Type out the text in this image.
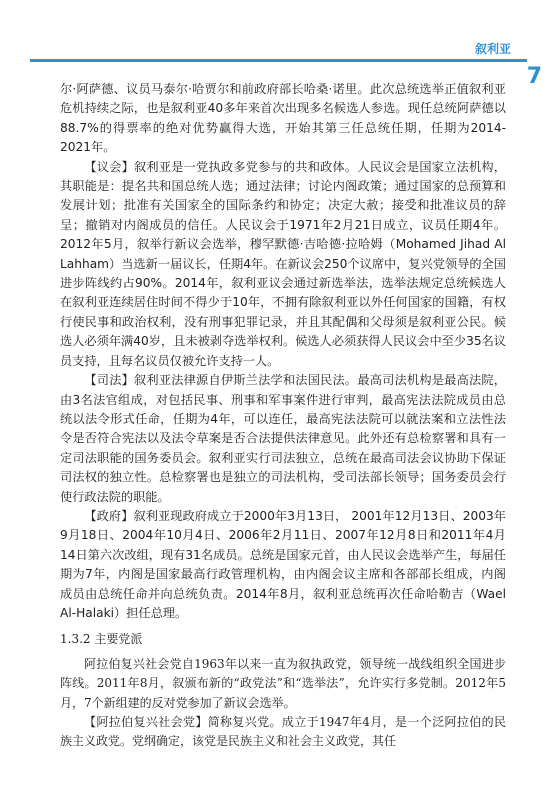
叙利亚
7

尔·阿萨德、议员马泰尔·哈贾尔和前政府部长哈桑·诺里。此次总统选举正值叙利亚危机持续之际，也是叙利亚40多年来首次出现多名候选人参选。现任总统阿萨德以88.7%的得票率的绝对优势赢得大选，开始其第三任总统任期，任期为2014-2021年。

【议会】叙利亚是一党执政多党参与的共和政体。人民议会是国家立法机构，其职能是：提名共和国总统人选；通过法律；讨论内阁政策；通过国家的总预算和发展计划；批准有关国家全的国际条约和协定；决定大赦；接受和批准议员的辞呈；撤销对内阁成员的信任。人民议会于1971年2月21日成立，议员任期4年。2012年5月，叙举行新议会选举，穆罕默德·吉哈德·拉哈姆（Mohamed Jihad Al Lahham）当选新一届议长，任期4年。在新议会250个议席中，复兴党领导的全国进步阵线约占90%。2014年，叙利亚议会通过新选举法，选举法规定总统候选人在叙利亚连续居住时间不得少于10年，不拥有除叙利亚以外任何国家的国籍，有权行使民事和政治权利，没有刑事犯罪记录，并且其配偶和父母须是叙利亚公民。候选人必须年满40岁，且未被剥夺选举权利。候选人必须获得人民议会中至少35名议员支持，且每名议员仅被允许支持一人。

【司法】叙利亚法律源自伊斯兰法学和法国民法。最高司法机构是最高法院，由3名法官组成，对包括民事、刑事和军事案件进行审判，最高宪法法院成员由总统以法令形式任命，任期为4年，可以连任，最高宪法法院可以就法案和立法性法令是否符合宪法以及法令草案是否合法提供法律意见。此外还有总检察署和具有一定司法职能的国务委员会。叙利亚实行司法独立，总统在最高司法会议协助下保证司法权的独立性。总检察署也是独立的司法机构，受司法部长领导；国务委员会行使行政法院的职能。

【政府】叙利亚现政府成立于2000年3月13日， 2001年12月13日、2003年9月18日、2004年10月4日、2006年2月11日、2007年12月8日和2011年4月14日第六次改组，现有31名成员。总统是国家元首，由人民议会选举产生，每届任期为7年，内阁是国家最高行政管理机构，由内阁会议主席和各部部长组成，内阁成员由总统任命并向总统负责。2014年8月，叙利亚总统再次任命哈勒吉（Wael Al-Halaki）担任总理。

1.3.2 主要党派

阿拉伯复兴社会党自1963年以来一直为叙执政党，领导统一战线组织全国进步阵线。2011年8月，叙颁布新的“政党法”和“选举法”，允许实行多党制。2012年5月，7个新组建的反对党参加了新议会选举。

【阿拉伯复兴社会党】简称复兴党。成立于1947年4月，是一个泛阿拉伯的民族主义政党。党纲确定，该党是民族主义和社会主义政党，其任
